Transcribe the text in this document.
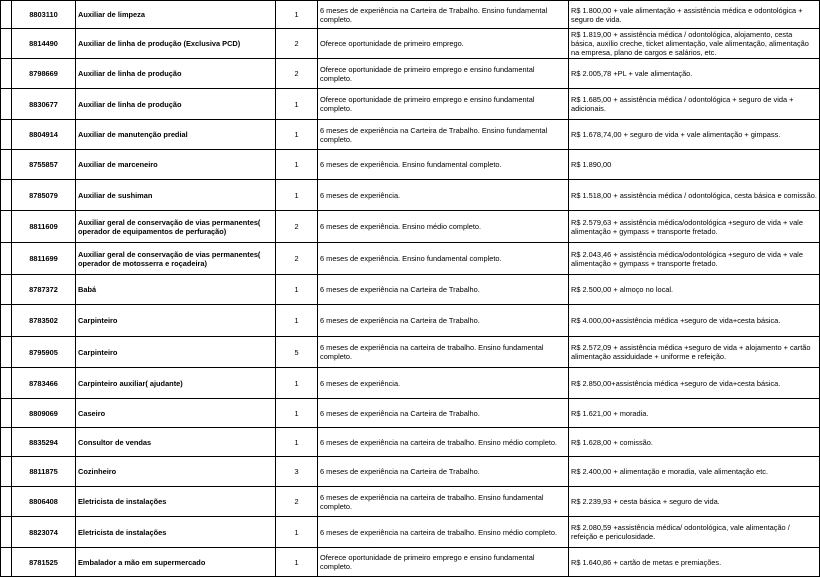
	8803110	Auxiliar de limpeza	1	6 meses de experiência na Carteira de Trabalho. Ensino fundamental completo.	R$ 1.800,00 + vale alimentação + assistência médica e odontológica + seguro de vida.
	8814490	Auxiliar de linha de produção (Exclusiva PCD)	2	Oferece oportunidade de primeiro emprego.	R$ 1.819,00 + assistência médica / odontológica, alojamento, cesta básica, auxílio creche, ticket alimentação, vale alimentação, alimentação na empresa, plano de cargos e salários, etc.
	8798669	Auxiliar de linha de produção	2	Oferece oportunidade de primeiro emprego e ensino fundamental completo.	R$ 2.005,78 +PL + vale alimentação.
	8830677	Auxiliar de linha de produção	1	Oferece oportunidade de primeiro emprego e ensino fundamental completo.	R$ 1.685,00 + assistência médica / odontológica + seguro de vida + adicionais.
	8804914	Auxiliar de manutenção predial	1	6 meses de experiência na Carteira de Trabalho. Ensino fundamental completo.	R$ 1.678,74,00 + seguro de vida + vale alimentação + gimpass.
	8755857	Auxiliar de marceneiro	1	6 meses de experiência. Ensino fundamental completo.	R$ 1.890,00
	8785079	Auxiliar de sushiman	1	6 meses de experiência.	R$ 1.518,00 + assistência médica / odontológica, cesta básica e comissão.
	8811609	Auxiliar geral de conservação de vias permanentes( operador de equipamentos de perfuração)	2	6 meses de experiência. Ensino médio completo.	R$ 2.579,63 + assistência médica/odontológica +seguro de vida + vale alimentação + gympass + transporte fretado.
	8811699	Auxiliar geral de conservação de vias permanentes( operador de motosserra e roçadeira)	2	6 meses de experiência. Ensino fundamental completo.	R$ 2.043,46 + assistência médica/odontológica +seguro de vida + vale alimentação + gympass + transporte fretado.
	8787372	Babá	1	6 meses de experiência na Carteira de Trabalho.	R$ 2.500,00 + almoço no local.
	8783502	Carpinteiro	1	6 meses de experiência na Carteira de Trabalho.	R$ 4.000,00+assistência médica +seguro de vida+cesta básica.
	8795905	Carpinteiro	5	6 meses de experiência na carteira de trabalho. Ensino fundamental completo.	R$ 2.572,09 + assistência médica +seguro de vida + alojamento + cartão alimentação assiduidade + uniforme e refeição.
	8783466	Carpinteiro auxiliar( ajudante)	1	6 meses de experiência.	R$ 2.850,00+assistência médica +seguro de vida+cesta básica.
	8809069	Caseiro	1	6 meses de experiência na Carteira de Trabalho.	R$ 1.621,00 + moradia.
	8835294	Consultor de vendas	1	6 meses de experiência na carteira de trabalho. Ensino médio completo.	R$ 1.628,00 + comissão.
	8811875	Cozinheiro	3	6 meses de experiência na Carteira de Trabalho.	R$ 2.400,00 + alimentação e moradia, vale alimentação etc.
	8806408	Eletricista de instalações	2	6 meses de experiência na carteira de trabalho. Ensino fundamental completo.	R$ 2.239,93 + cesta básica + seguro de vida.
	8823074	Eletricista de instalações	1	6 meses de experiência na carteira de trabalho. Ensino médio completo.	R$ 2.080,59 +assistência médica/ odontológica, vale alimentação / refeição e periculosidade.
	8781525	Embalador a mão em supermercado	1	Oferece oportunidade de primeiro emprego e ensino fundamental completo.	R$ 1.640,86 + cartão de metas e premiações.
